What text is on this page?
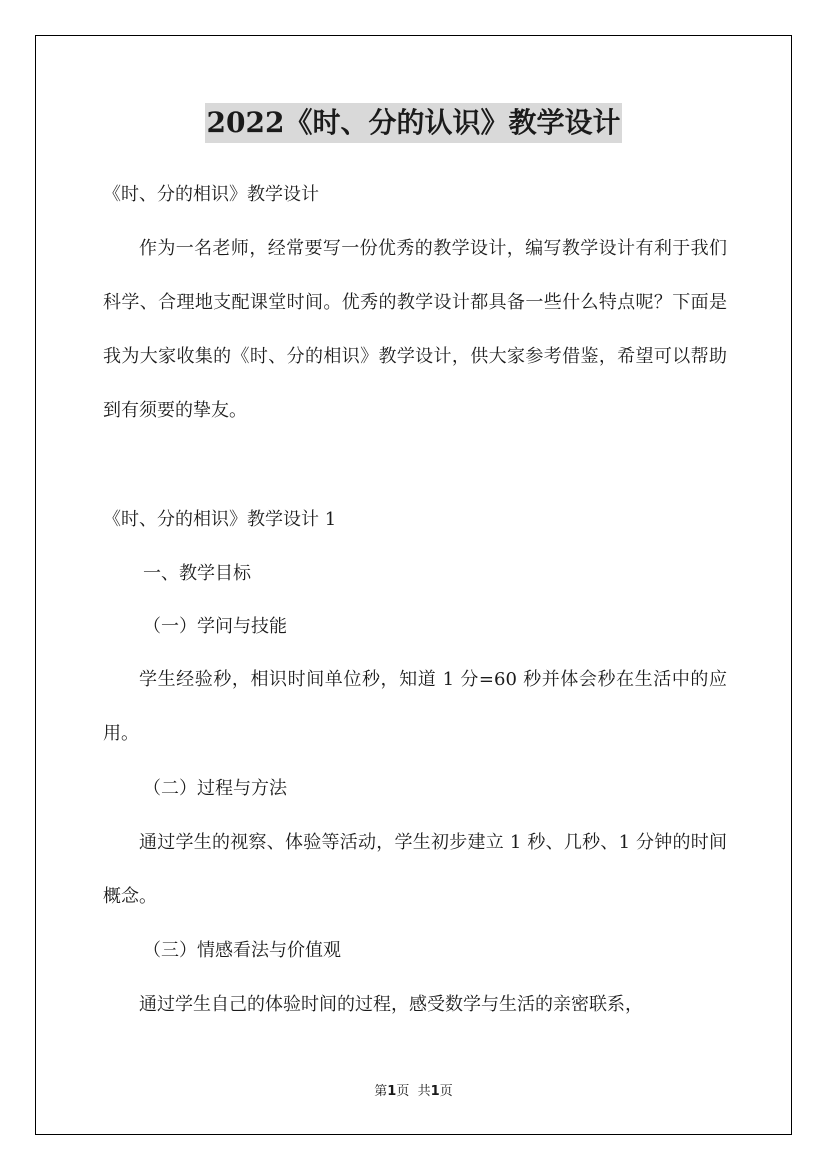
2022《时、分的认识》教学设计

《时、分的相识》教学设计

作为一名老师，经常要写一份优秀的教学设计，编写教学设计有利于我们科学、合理地支配课堂时间。优秀的教学设计都具备一些什么特点呢？下面是我为大家收集的《时、分的相识》教学设计，供大家参考借鉴，希望可以帮助到有须要的挚友。

《时、分的相识》教学设计 1

一、教学目标

（一）学问与技能

学生经验秒，相识时间单位秒，知道 1 分=60 秒并体会秒在生活中的应用。

（二）过程与方法

通过学生的视察、体验等活动，学生初步建立 1 秒、几秒、1 分钟的时间概念。

（三）情感看法与价值观

通过学生自己的体验时间的过程，感受数学与生活的亲密联系，

第1页 共1页
